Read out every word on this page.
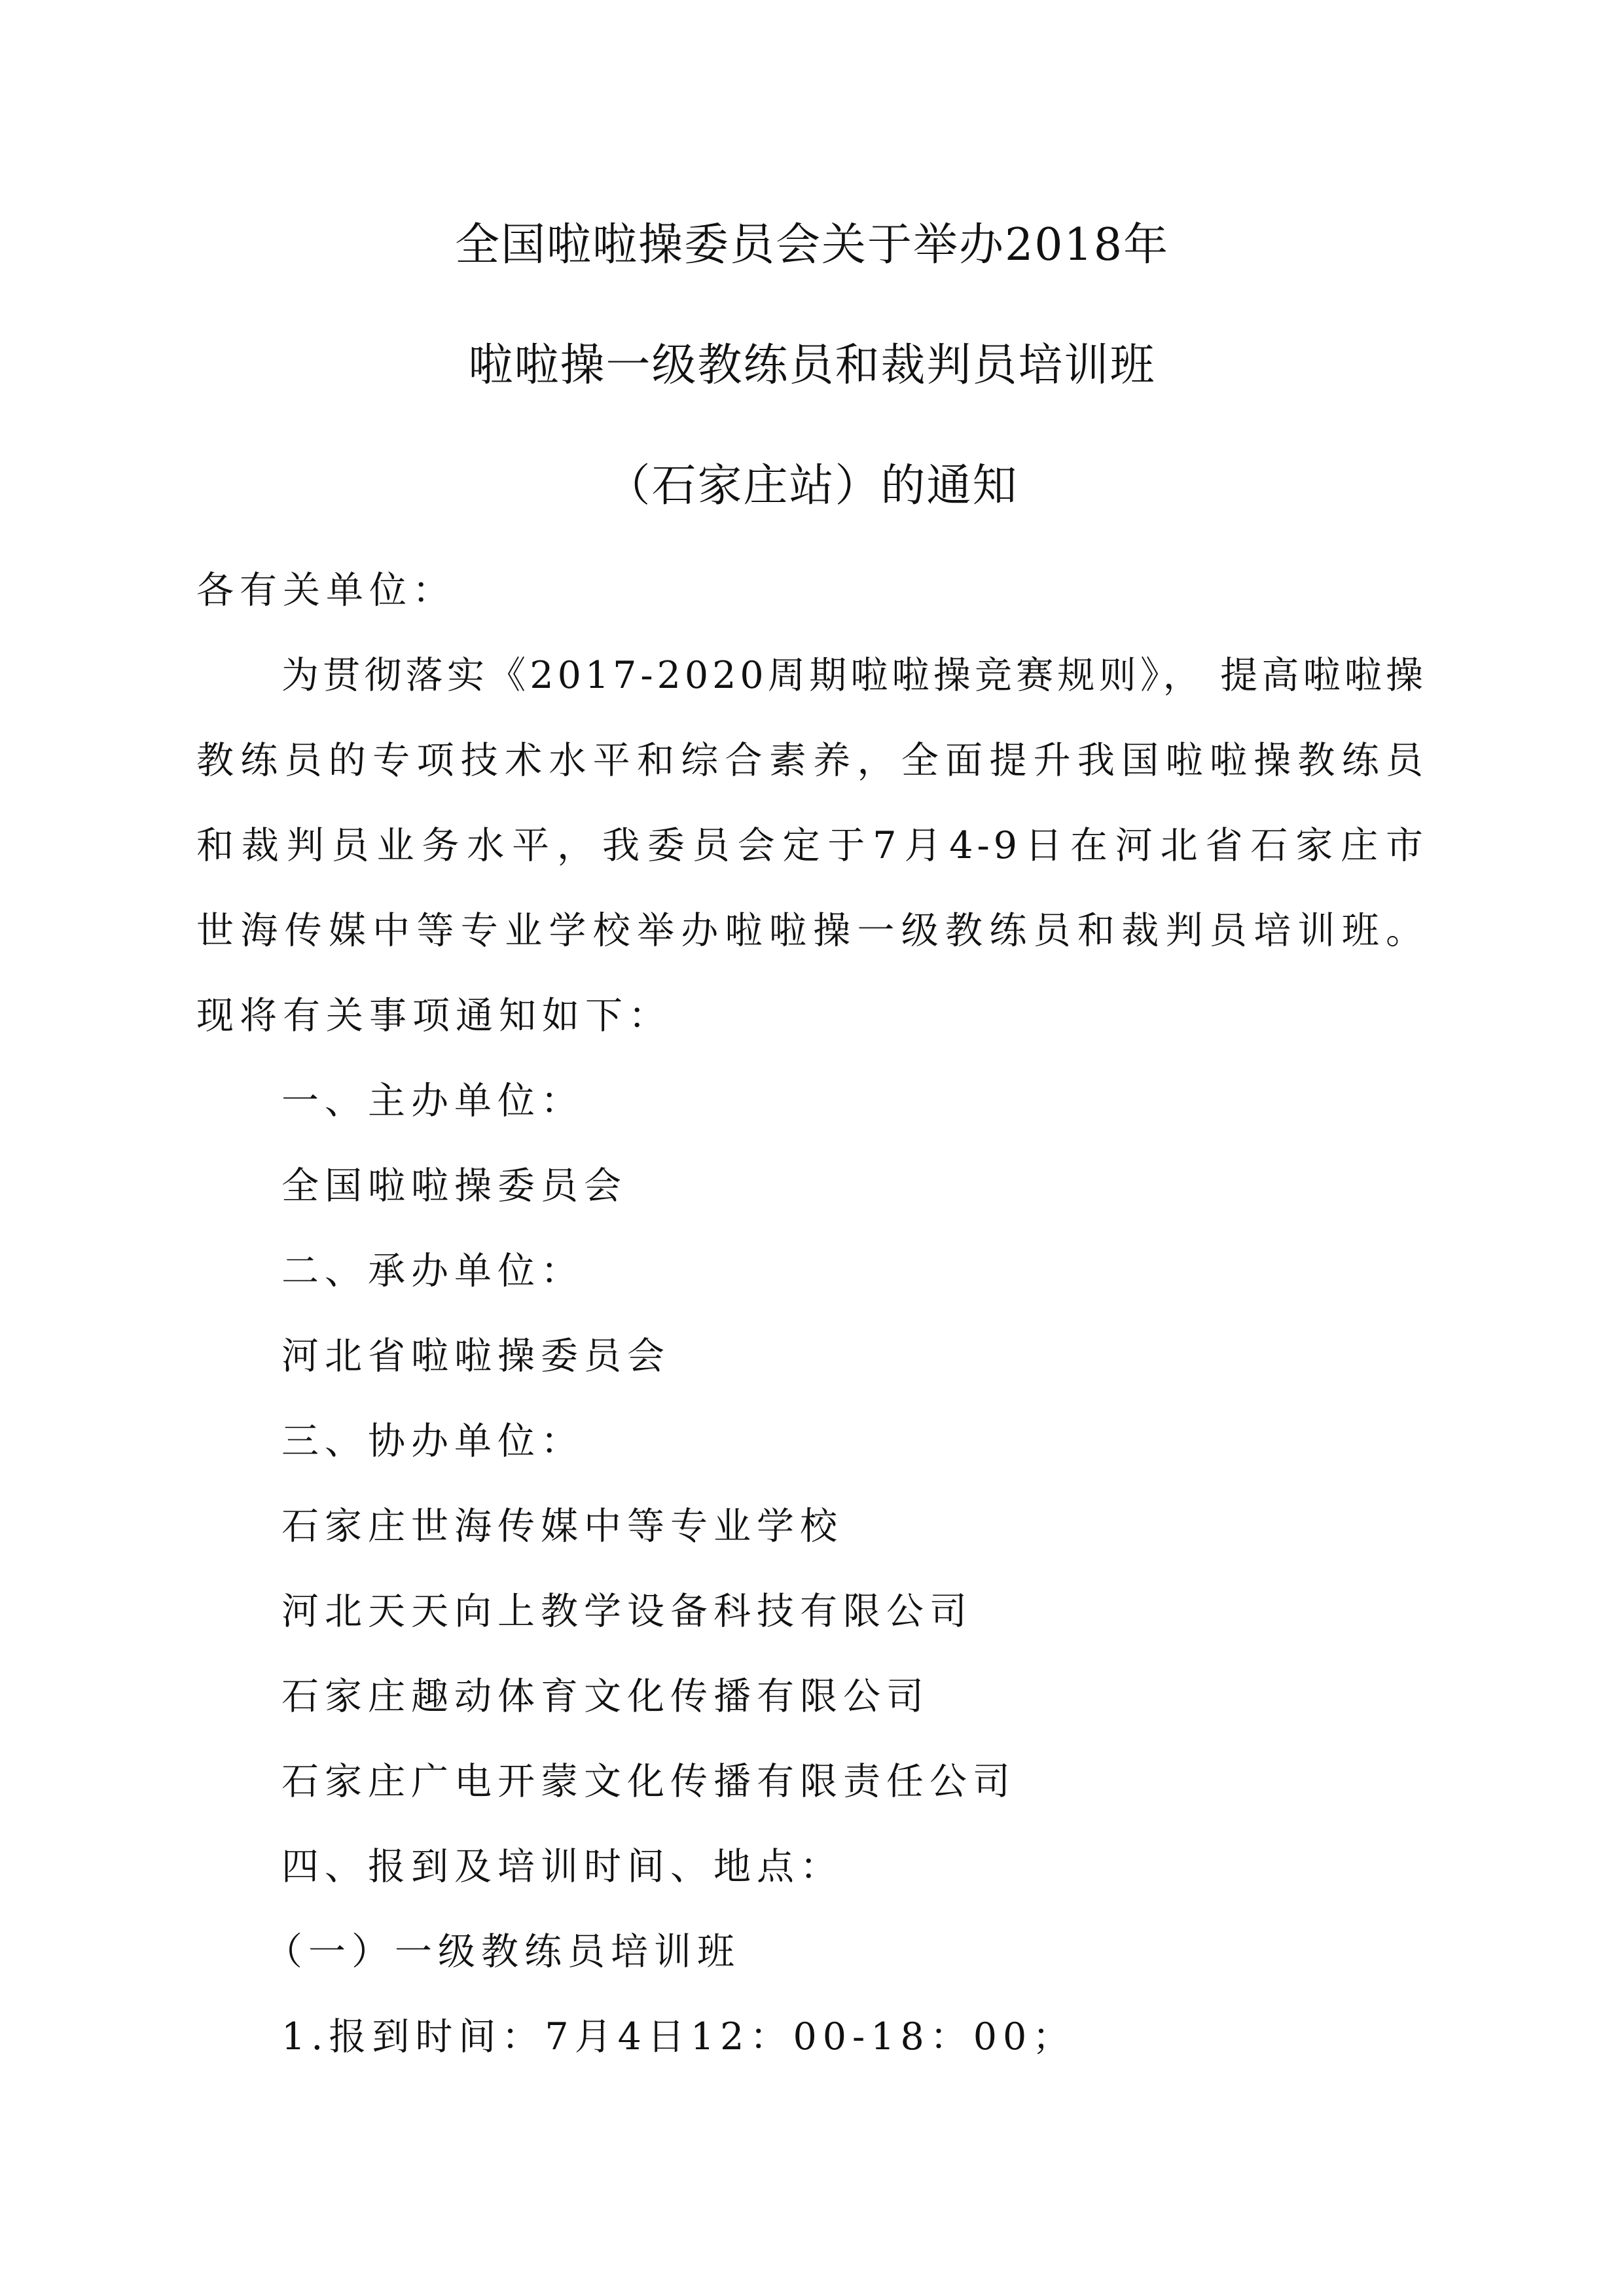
全国啦啦操委员会关于举办2018年
啦啦操一级教练员和裁判员培训班
（石家庄站）的通知
各有关单位：
为贯彻落实《2017-2020周期啦啦操竞赛规则》， 提高啦啦操
教练员的专项技术水平和综合素养，全面提升我国啦啦操教练员
和裁判员业务水平，我委员会定于7月4-9日在河北省石家庄市
世海传媒中等专业学校举办啦啦操一级教练员和裁判员培训班。
现将有关事项通知如下：
一、主办单位：
全国啦啦操委员会
二、承办单位：
河北省啦啦操委员会
三、协办单位：
石家庄世海传媒中等专业学校
河北天天向上教学设备科技有限公司
石家庄趣动体育文化传播有限公司
石家庄广电开蒙文化传播有限责任公司
四、报到及培训时间、地点：
（一）一级教练员培训班
1.报到时间：7月4日12：00-18：00；
